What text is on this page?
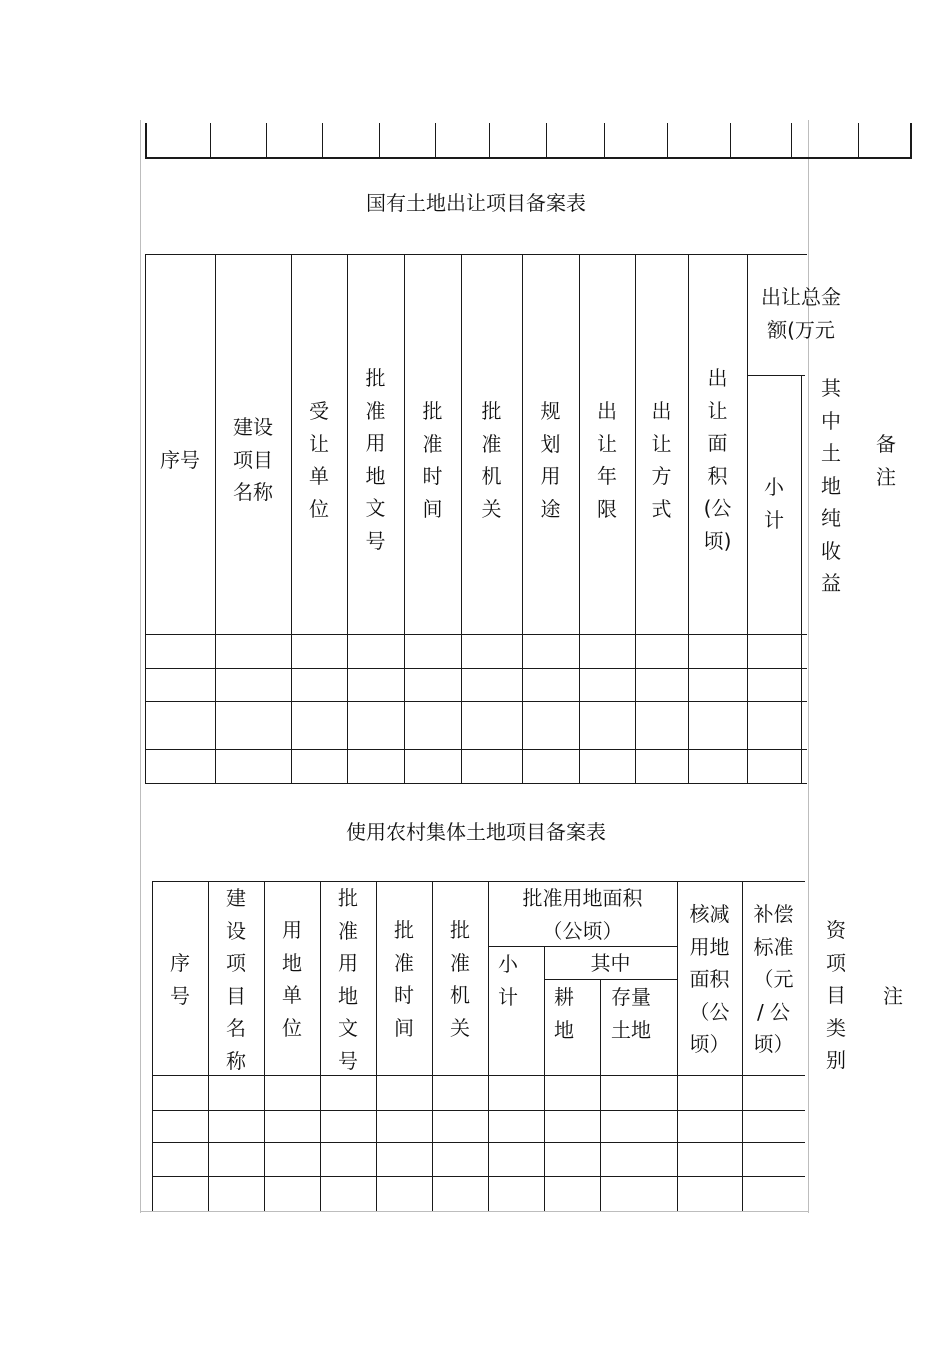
国有土地出让项目备案表
序号
建设
项目
名称
受
让
单
位
批
准
用
地
文
号
批
准
时
间
批
准
机
关
规
划
用
途
出
让
年
限
出
让
方
式
出
让
面
积
(公
顷)
出让总金
额(万元
小
计
其
中
土
地
纯
收
益
备
注
使用农村集体土地项目备案表
序
号
建
设
项
目
名
称
用
地
单
位
批
准
用
地
文
号
批
准
时
间
批
准
机
关
批准用地面积
（公顷）
小
计
其中
耕
地
存量
土地
核减
用地
面积
（公
顷）
补偿
标准
（元
/ 公
顷）
资
项
目
类
别
注
